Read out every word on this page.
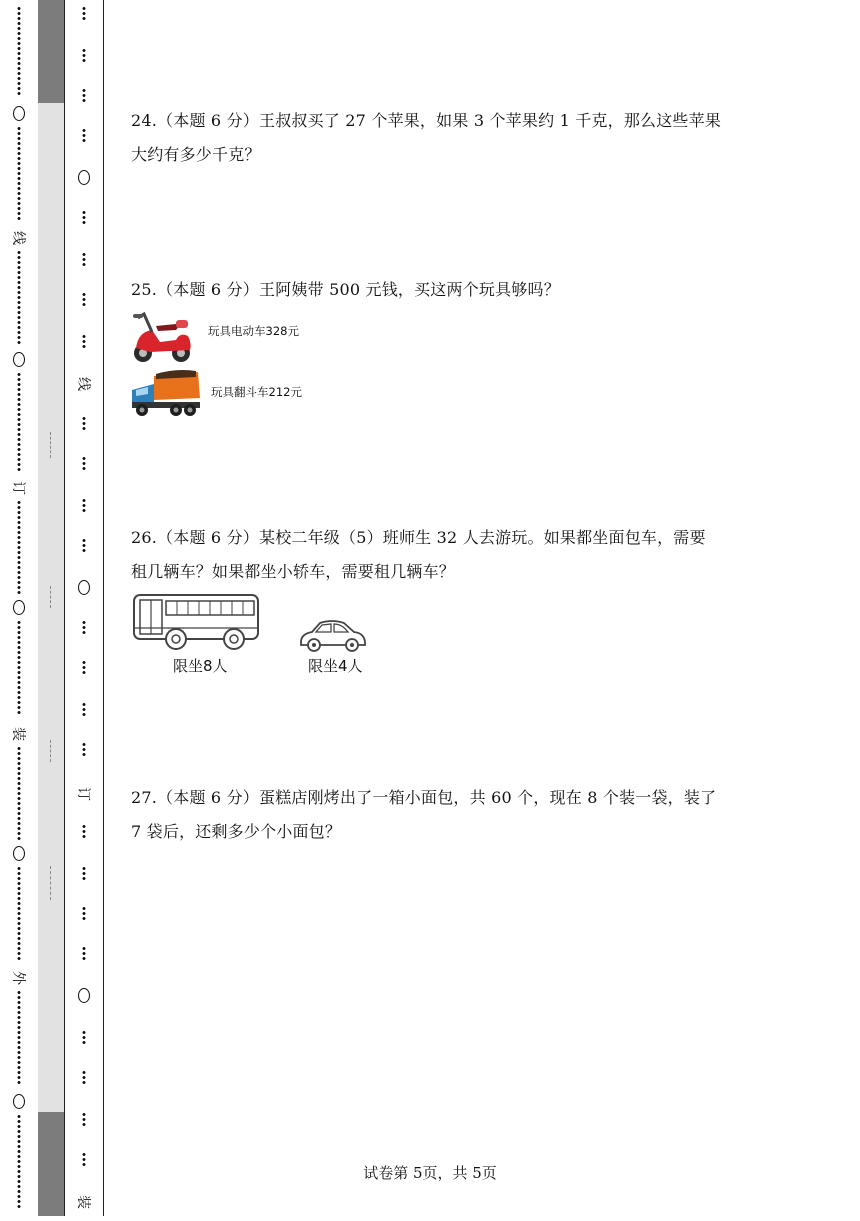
线
订
装
外
线
订
装
24.（本题 6 分）王叔叔买了 27 个苹果，如果 3 个苹果约 1 千克，那么这些苹果
大约有多少千克？
25.（本题 6 分）王阿姨带 500 元钱，买这两个玩具够吗？
玩具电动车328元
玩具翻斗车212元
26.（本题 6 分）某校二年级（5）班师生 32 人去游玩。如果都坐面包车，需要
租几辆车？如果都坐小轿车，需要租几辆车？
限坐8人	限坐4人
27.（本题 6 分）蛋糕店刚烤出了一箱小面包，共 60 个，现在 8 个装一袋，装了
7 袋后，还剩多少个小面包？
试卷第 5页，共 5页
